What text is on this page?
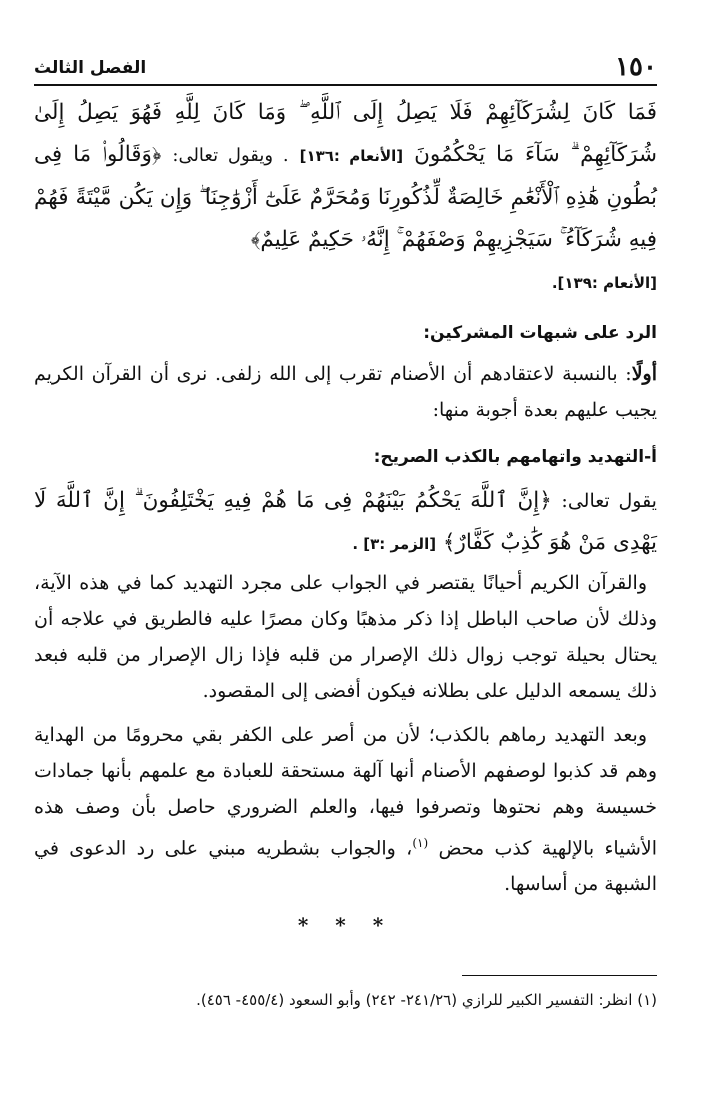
١٥٠
الفصل الثالث

فَمَا كَانَ لِشُرَكَآئِهِمْ فَلَا يَصِلُ إِلَى ٱللَّهِ ۖ وَمَا كَانَ لِلَّهِ فَهُوَ يَصِلُ إِلَىٰ شُرَكَآئِهِمْ ۗ سَآءَ مَا يَحْكُمُونَ [الأنعام :١٣٦] . ويقول تعالى: ﴿وَقَالُوا۟ مَا فِى بُطُونِ هَٰذِهِ ٱلْأَنْعَٰمِ خَالِصَةٌ لِّذُكُورِنَا وَمُحَرَّمٌ عَلَىٰٓ أَزْوَٰجِنَا ۖ وَإِن يَكُن مَّيْتَةً فَهُمْ فِيهِ شُرَكَآءُ ۚ سَيَجْزِيهِمْ وَصْفَهُمْ ۚ إِنَّهُۥ حَكِيمٌ عَلِيمٌ﴾
[الأنعام :١٣٩].

الرد على شبهات المشركين:

أولًا: بالنسبة لاعتقادهم أن الأصنام تقرب إلى الله زلفى. نرى أن القرآن الكريم يجيب عليهم بعدة أجوبة منها:

أ-التهديد واتهامهم بالكذب الصريح:

يقول تعالى: ﴿إِنَّ ٱللَّهَ يَحْكُمُ بَيْنَهُمْ فِى مَا هُمْ فِيهِ يَخْتَلِفُونَ ۗ إِنَّ ٱللَّهَ لَا يَهْدِى مَنْ هُوَ كَٰذِبٌ كَفَّارٌ﴾ [الزمر :٣] .

والقرآن الكريم أحيانًا يقتصر في الجواب على مجرد التهديد كما في هذه الآية، وذلك لأن صاحب الباطل إذا ذكر مذهبًا وكان مصرًا عليه فالطريق في علاجه أن يحتال بحيلة توجب زوال ذلك الإصرار من قلبه فإذا زال الإصرار من قلبه فبعد ذلك يسمعه الدليل على بطلانه فيكون أفضى إلى المقصود.

وبعد التهديد رماهم بالكذب؛ لأن من أصر على الكفر بقي محرومًا من الهداية وهم قد كذبوا لوصفهم الأصنام أنها آلهة مستحقة للعبادة مع علمهم بأنها جمادات خسيسة وهم نحتوها وتصرفوا فيها، والعلم الضروري حاصل بأن وصف هذه الأشياء بالإلهية كذب محض $^{(١)}$، والجواب بشطريه مبني على رد الدعوى في الشبهة من أساسها.

* * *
(١) انظر: التفسير الكبير للرازي (٢٤١/٢٦- ٢٤٢) وأبو السعود (٤٥٥/٤- ٤٥٦).
